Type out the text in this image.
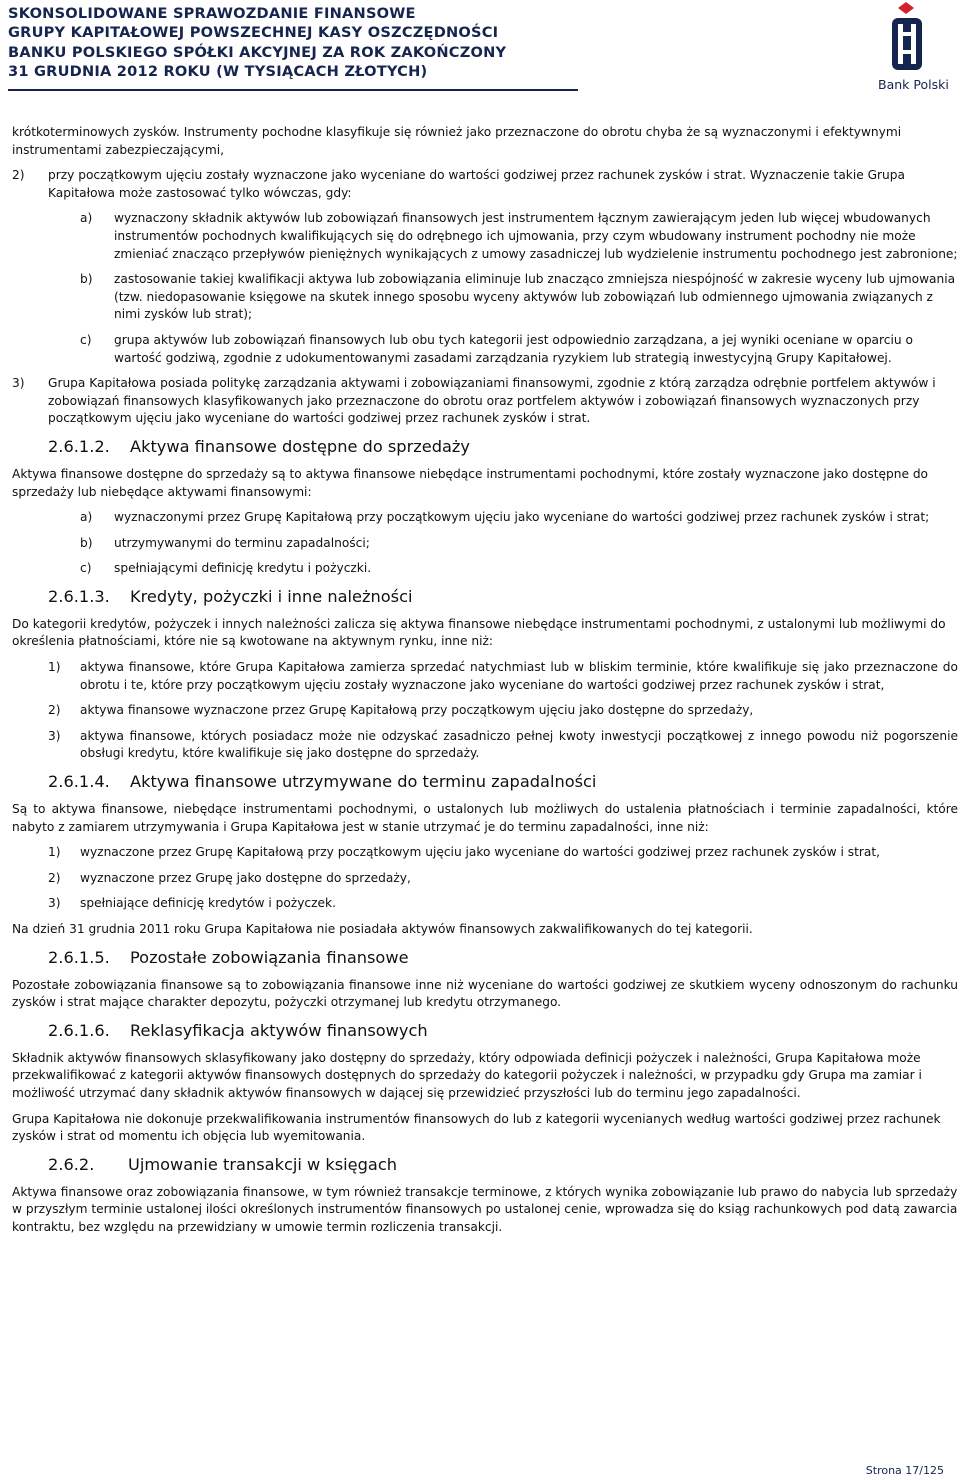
SKONSOLIDOWANE SPRAWOZDANIE FINANSOWE
GRUPY KAPITAŁOWEJ POWSZECHNEJ KASY OSZCZĘDNOŚCI
BANKU POLSKIEGO SPÓŁKI AKCYJNEJ ZA ROK ZAKOŃCZONY
31 GRUDNIA 2012 ROKU (W TYSIĄCACH ZŁOTYCH)
Bank Polski

krótkoterminowych zysków. Instrumenty pochodne klasyfikuje się również jako przeznaczone do obrotu chyba że są wyznaczonymi i efektywnymi instrumentami zabezpieczającymi,

2) przy początkowym ujęciu zostały wyznaczone jako wyceniane do wartości godziwej przez rachunek zysków i strat. Wyznaczenie takie Grupa Kapitałowa może zastosować tylko wówczas, gdy:
a) wyznaczony składnik aktywów lub zobowiązań finansowych jest instrumentem łącznym zawierającym jeden lub więcej wbudowanych instrumentów pochodnych kwalifikujących się do odrębnego ich ujmowania, przy czym wbudowany instrument pochodny nie może zmieniać znacząco przepływów pieniężnych wynikających z umowy zasadniczej lub wydzielenie instrumentu pochodnego jest zabronione;
b) zastosowanie takiej kwalifikacji aktywa lub zobowiązania eliminuje lub znacząco zmniejsza niespójność w zakresie wyceny lub ujmowania (tzw. niedopasowanie księgowe na skutek innego sposobu wyceny aktywów lub zobowiązań lub odmiennego ujmowania związanych z nimi zysków lub strat);
c) grupa aktywów lub zobowiązań finansowych lub obu tych kategorii jest odpowiednio zarządzana, a jej wyniki oceniane w oparciu o wartość godziwą, zgodnie z udokumentowanymi zasadami zarządzania ryzykiem lub strategią inwestycyjną Grupy Kapitałowej.
3) Grupa Kapitałowa posiada politykę zarządzania aktywami i zobowiązaniami finansowymi, zgodnie z którą zarządza odrębnie portfelem aktywów i zobowiązań finansowych klasyfikowanych jako przeznaczone do obrotu oraz portfelem aktywów i zobowiązań finansowych wyznaczonych przy początkowym ujęciu jako wyceniane do wartości godziwej przez rachunek zysków i strat.
2.6.1.2. Aktywa finansowe dostępne do sprzedaży

Aktywa finansowe dostępne do sprzedaży są to aktywa finansowe niebędące instrumentami pochodnymi, które zostały wyznaczone jako dostępne do sprzedaży lub niebędące aktywami finansowymi:

a) wyznaczonymi przez Grupę Kapitałową przy początkowym ujęciu jako wyceniane do wartości godziwej przez rachunek zysków i strat;
b) utrzymywanymi do terminu zapadalności;
c) spełniającymi definicję kredytu i pożyczki.
2.6.1.3. Kredyty, pożyczki i inne należności

Do kategorii kredytów, pożyczek i innych należności zalicza się aktywa finansowe niebędące instrumentami pochodnymi, z ustalonymi lub możliwymi do określenia płatnościami, które nie są kwotowane na aktywnym rynku, inne niż:

1) aktywa finansowe, które Grupa Kapitałowa zamierza sprzedać natychmiast lub w bliskim terminie, które kwalifikuje się jako przeznaczone do obrotu i te, które przy początkowym ujęciu zostały wyznaczone jako wyceniane do wartości godziwej przez rachunek zysków i strat,
2) aktywa finansowe wyznaczone przez Grupę Kapitałową przy początkowym ujęciu jako dostępne do sprzedaży,
3) aktywa finansowe, których posiadacz może nie odzyskać zasadniczo pełnej kwoty inwestycji początkowej z innego powodu niż pogorszenie obsługi kredytu, które kwalifikuje się jako dostępne do sprzedaży.
2.6.1.4. Aktywa finansowe utrzymywane do terminu zapadalności

Są to aktywa finansowe, niebędące instrumentami pochodnymi, o ustalonych lub możliwych do ustalenia płatnościach i terminie zapadalności, które nabyto z zamiarem utrzymywania i Grupa Kapitałowa jest w stanie utrzymać je do terminu zapadalności, inne niż:

1) wyznaczone przez Grupę Kapitałową przy początkowym ujęciu jako wyceniane do wartości godziwej przez rachunek zysków i strat,
2) wyznaczone przez Grupę jako dostępne do sprzedaży,
3) spełniające definicję kredytów i pożyczek.

Na dzień 31 grudnia 2011 roku Grupa Kapitałowa nie posiadała aktywów finansowych zakwalifikowanych do tej kategorii.

2.6.1.5. Pozostałe zobowiązania finansowe

Pozostałe zobowiązania finansowe są to zobowiązania finansowe inne niż wyceniane do wartości godziwej ze skutkiem wyceny odnoszonym do rachunku zysków i strat mające charakter depozytu, pożyczki otrzymanej lub kredytu otrzymanego.

2.6.1.6. Reklasyfikacja aktywów finansowych

Składnik aktywów finansowych sklasyfikowany jako dostępny do sprzedaży, który odpowiada definicji pożyczek i należności, Grupa Kapitałowa może przekwalifikować z kategorii aktywów finansowych dostępnych do sprzedaży do kategorii pożyczek i należności, w przypadku gdy Grupa ma zamiar i możliwość utrzymać dany składnik aktywów finansowych w dającej się przewidzieć przyszłości lub do terminu jego zapadalności.

Grupa Kapitałowa nie dokonuje przekwalifikowania instrumentów finansowych do lub z kategorii wycenianych według wartości godziwej przez rachunek zysków i strat od momentu ich objęcia lub wyemitowania.

2.6.2. Ujmowanie transakcji w księgach

Aktywa finansowe oraz zobowiązania finansowe, w tym również transakcje terminowe, z których wynika zobowiązanie lub prawo do nabycia lub sprzedaży w przyszłym terminie ustalonej ilości określonych instrumentów finansowych po ustalonej cenie, wprowadza się do ksiąg rachunkowych pod datą zawarcia kontraktu, bez względu na przewidziany w umowie termin rozliczenia transakcji.

Strona 17/125
